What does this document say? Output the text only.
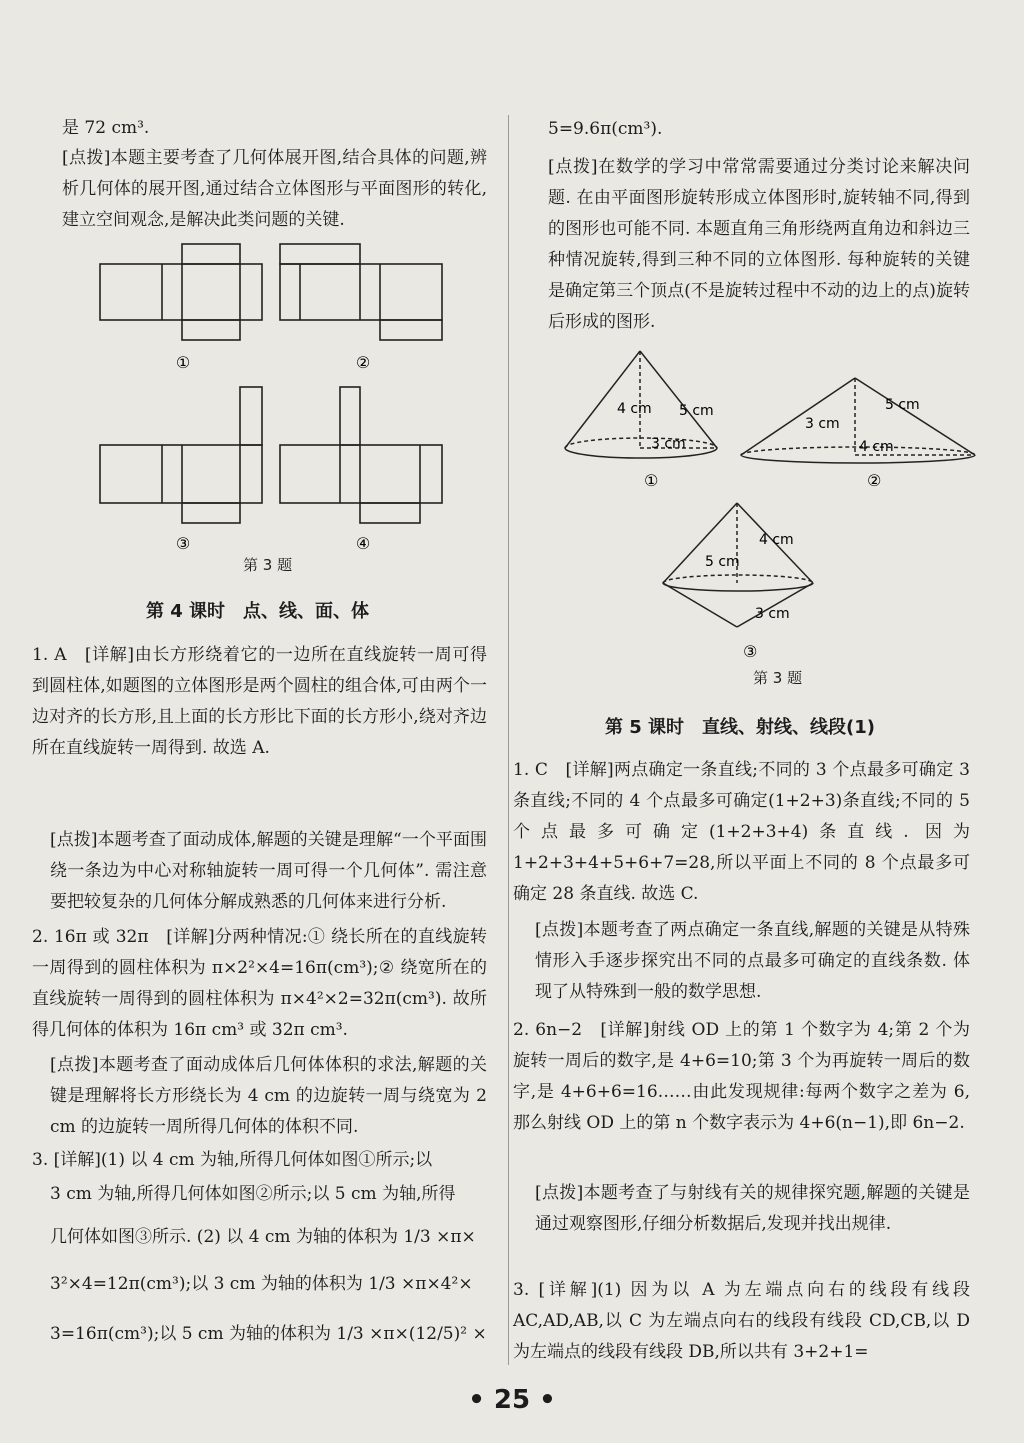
是 72 cm³.
[点拨]本题主要考查了几何体展开图,结合具体的问题,辨析几何体的展开图,通过结合立体图形与平面图形的转化,建立空间观念,是解决此类问题的关键.
①	②
③	④
第 3 题
第 4 课时　点、线、面、体
1. A　[详解]由长方形绕着它的一边所在直线旋转一周可得到圆柱体,如题图的立体图形是两个圆柱的组合体,可由两个一边对齐的长方形,且上面的长方形比下面的长方形小,绕对齐边所在直线旋转一周得到. 故选 A.
[点拨]本题考查了面动成体,解题的关键是理解“一个平面围绕一条边为中心对称轴旋转一周可得一个几何体”. 需注意要把较复杂的几何体分解成熟悉的几何体来进行分析.
2. 16π 或 32π　[详解]分两种情况:① 绕长所在的直线旋转一周得到的圆柱体积为 π×2²×4=16π(cm³);② 绕宽所在的直线旋转一周得到的圆柱体积为 π×4²×2=32π(cm³). 故所得几何体的体积为 16π cm³ 或 32π cm³.
[点拨]本题考查了面动成体后几何体体积的求法,解题的关键是理解将长方形绕长为 4 cm 的边旋转一周与绕宽为 2 cm 的边旋转一周所得几何体的体积不同.
3. [详解](1) 以 4 cm 为轴,所得几何体如图①所示;以
3 cm 为轴,所得几何体如图②所示;以 5 cm 为轴,所得
几何体如图③所示. (2) 以 4 cm 为轴的体积为 1/3 ×π×
3²×4=12π(cm³);以 3 cm 为轴的体积为 1/3 ×π×4²×
3=16π(cm³);以 5 cm 为轴的体积为 1/3 ×π×(12/5)² ×
5=9.6π(cm³).
[点拨]在数学的学习中常常需要通过分类讨论来解决问题. 在由平面图形旋转形成立体图形时,旋转轴不同,得到的图形也可能不同. 本题直角三角形绕两直角边和斜边三种情况旋转,得到三种不同的立体图形. 每种旋转的关键是确定第三个顶点(不是旋转过程中不动的边上的点)旋转后形成的图形.
4 cm 5 cm
3 cm
①
3 cm
5 cm
4 cm
②
4 cm
5 cm
3 cm
③
第 3 题
第 5 课时　直线、射线、线段(1)
1. C　[详解]两点确定一条直线;不同的 3 个点最多可确定 3 条直线;不同的 4 个点最多可确定(1+2+3)条直线;不同的 5 个点最多可确定(1+2+3+4)条直线. 因为 1+2+3+4+5+6+7=28,所以平面上不同的 8 个点最多可确定 28 条直线. 故选 C.
[点拨]本题考查了两点确定一条直线,解题的关键是从特殊情形入手逐步探究出不同的点最多可确定的直线条数. 体现了从特殊到一般的数学思想.
2. 6n−2　[详解]射线 OD 上的第 1 个数字为 4;第 2 个为旋转一周后的数字,是 4+6=10;第 3 个为再旋转一周后的数字,是 4+6+6=16……由此发现规律:每两个数字之差为 6,那么射线 OD 上的第 n 个数字表示为 4+6(n−1),即 6n−2.
[点拨]本题考查了与射线有关的规律探究题,解题的关键是通过观察图形,仔细分析数据后,发现并找出规律.
3. [详解](1) 因为以 A 为左端点向右的线段有线段 AC,AD,AB,以 C 为左端点向右的线段有线段 CD,CB,以 D 为左端点的线段有线段 DB,所以共有 3+2+1=
• 25 •
